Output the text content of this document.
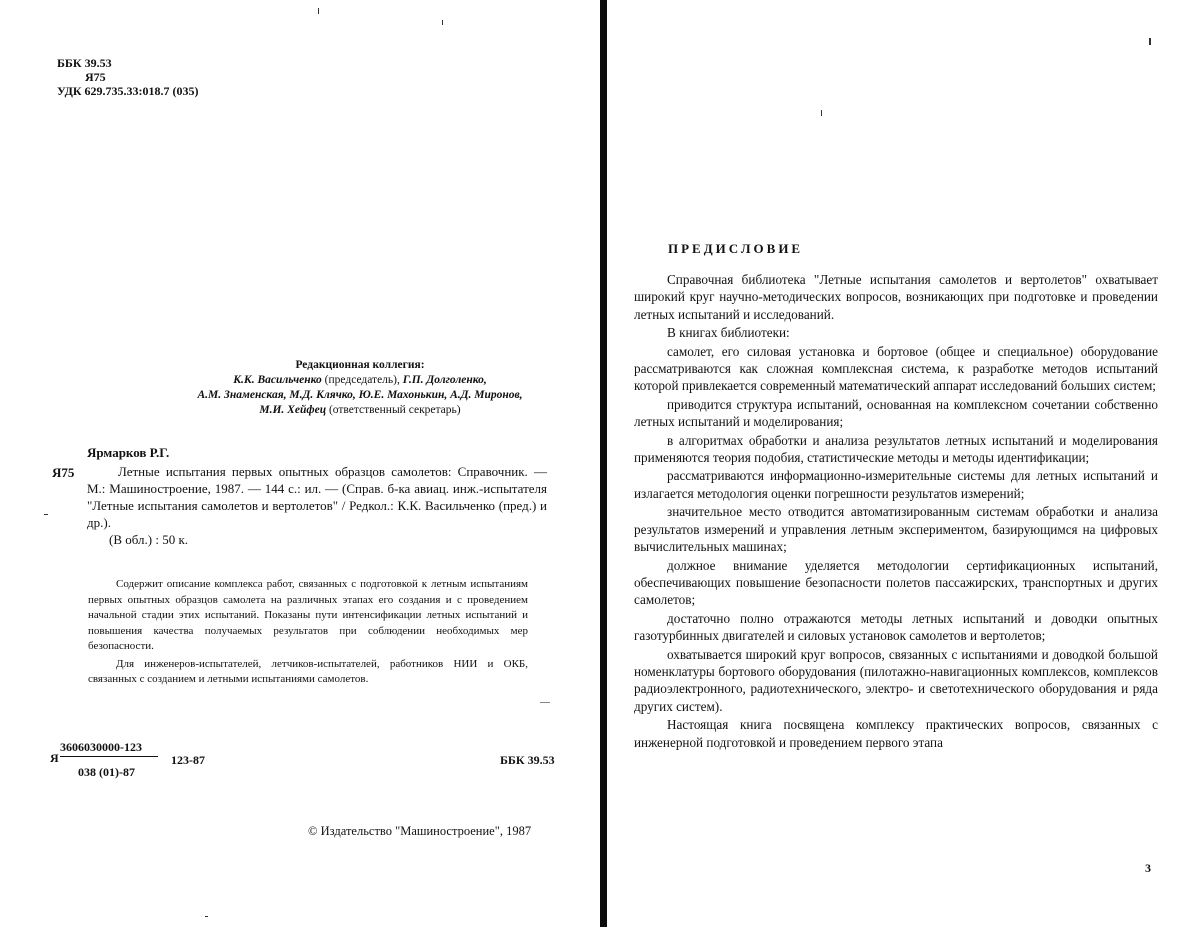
ББК 39.53
Я75
УДК 629.735.33:018.7 (035)
Редакционная коллегия:
К.К. Васильченко (председатель), Г.П. Долголенко,
А.М. Знаменская, М.Д. Клячко, Ю.Е. Махонькин, А.Д. Миронов,
М.И. Хейфец (ответственный секретарь)
Ярмарков Р.Г.
Я75	Летные испытания первых опытных образцов самолетов: Справочник. — М.: Машиностроение, 1987. — 144 с.: ил. — (Справ. б-ка авиац. инж.-испытателя "Летные испытания самолетов и вертолетов" / Редкол.: К.К. Васильченко (пред.) и др.).
(В обл.) : 50 к.

Содержит описание комплекса работ, связанных с подготовкой к летным испытаниям первых опытных образцов самолета на различных этапах его создания и с проведением начальной стадии этих испытаний. Показаны пути интенсификации летных испытаний и повышения качества получаемых результатов при соблюдении необходимых мер безопасности.

Для инженеров-испытателей, летчиков-испытателей, работников НИИ и ОКБ, связанных с созданием и летными испытаниями самолетов.

Я
3606030000-123
038 (01)-87
123-87	ББК 39.53
© Издательство "Машиностроение", 1987
ПРЕДИСЛОВИЕ

Справочная библиотека "Летные испытания самолетов и вертолетов" охватывает широкий круг научно-методических вопросов, возникающих при подготовке и проведении летных испытаний и исследований.

В книгах библиотеки:

самолет, его силовая установка и бортовое (общее и специальное) оборудование рассматриваются как сложная комплексная система, к разработке методов испытаний которой привлекается современный математический аппарат исследований больших систем;

приводится структура испытаний, основанная на комплексном сочетании собственно летных испытаний и моделирования;

в алгоритмах обработки и анализа результатов летных испытаний и моделирования применяются теория подобия, статистические методы и методы идентификации;

рассматриваются информационно-измерительные системы для летных испытаний и излагается методология оценки погрешности результатов измерений;

значительное место отводится автоматизированным системам обработки и анализа результатов измерений и управления летным экспериментом, базирующимся на цифровых вычислительных машинах;

должное внимание уделяется методологии сертификационных испытаний, обеспечивающих повышение безопасности полетов пассажирских, транспортных и других самолетов;

достаточно полно отражаются методы летных испытаний и доводки опытных газотурбинных двигателей и силовых установок самолетов и вертолетов;

охватывается широкий круг вопросов, связанных с испытаниями и доводкой большой номенклатуры бортового оборудования (пилотажно-навигационных комплексов, комплексов радиоэлектронного, радиотехнического, электро- и светотехнического оборудования и ряда других систем).

Настоящая книга посвящена комплексу практических вопросов, связанных с инженерной подготовкой и проведением первого этапа

3
